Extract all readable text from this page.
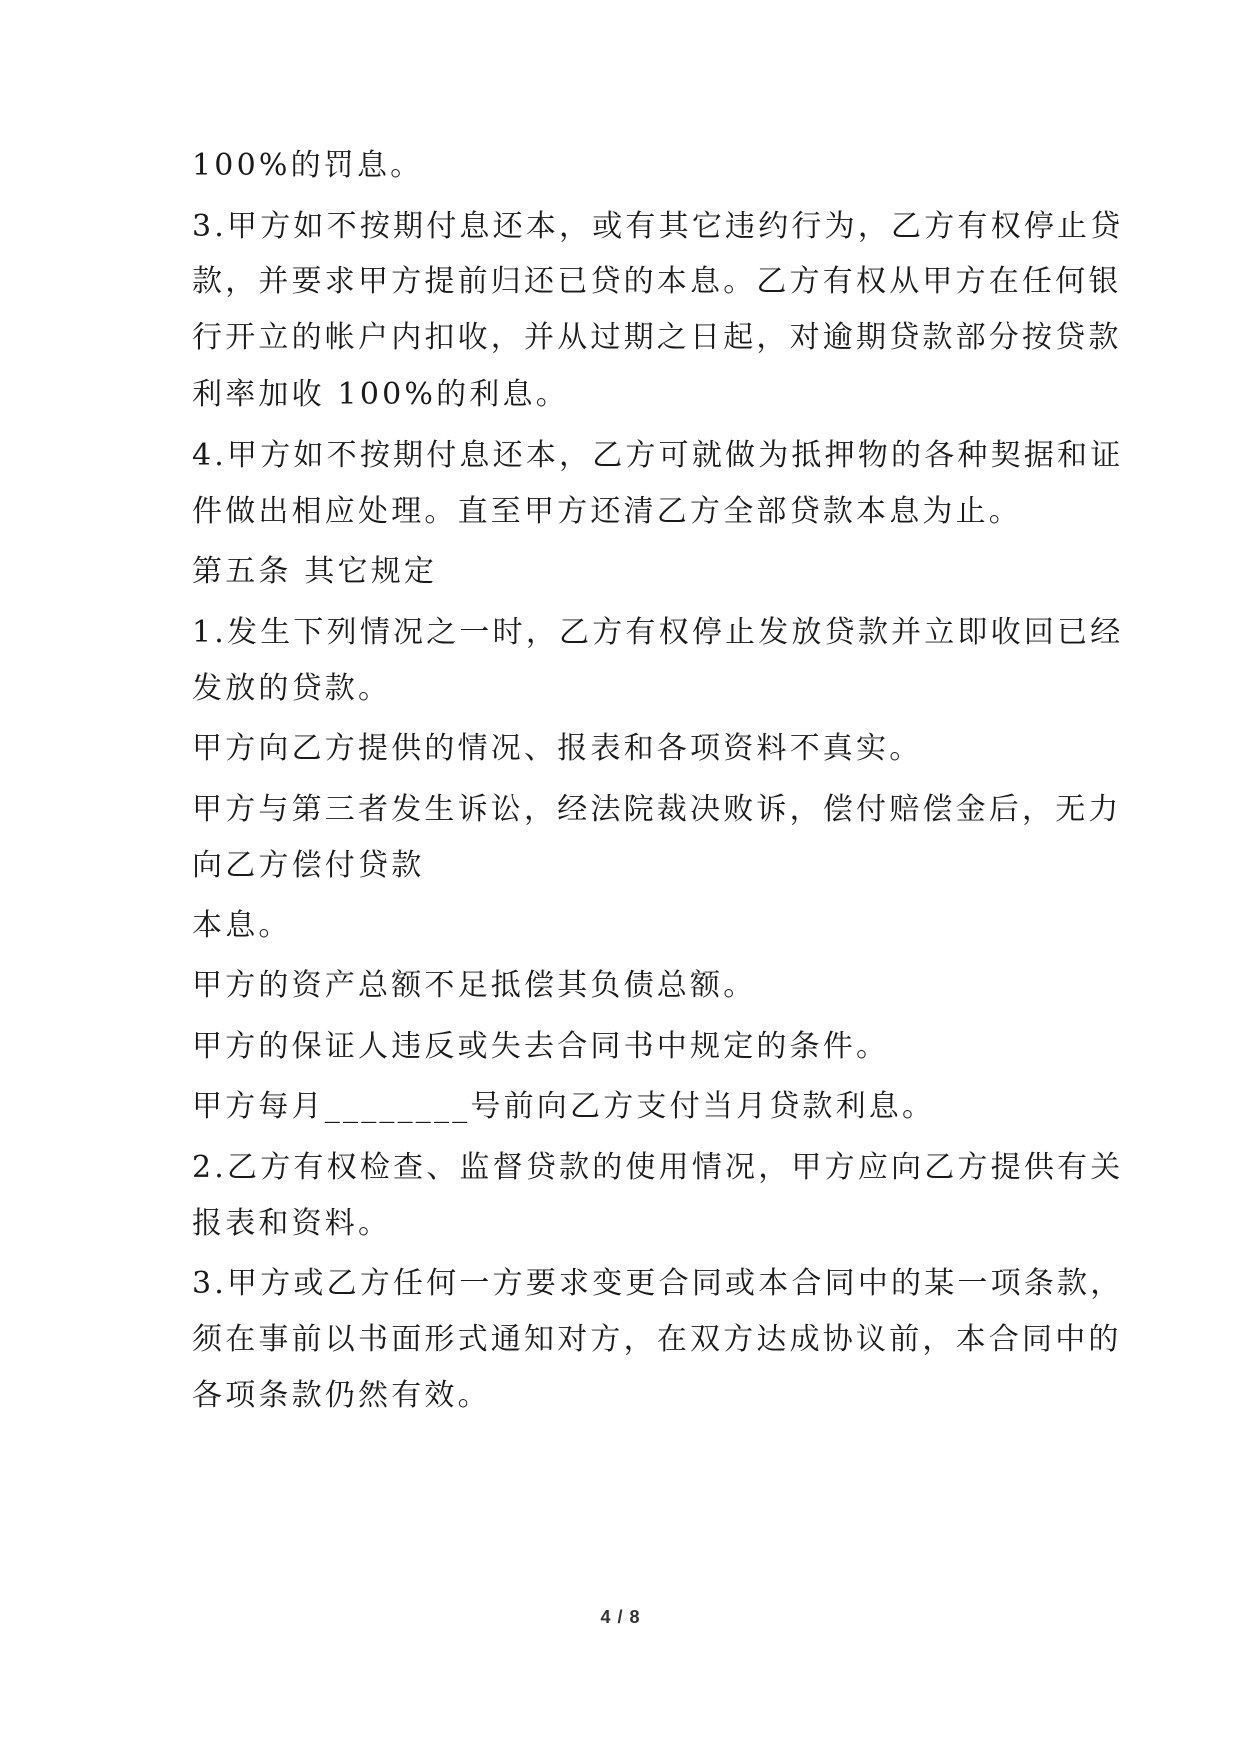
100%的罚息。
3.甲方如不按期付息还本，或有其它违约行为，乙方有权停止贷
款，并要求甲方提前归还已贷的本息。乙方有权从甲方在任何银
行开立的帐户内扣收，并从过期之日起，对逾期贷款部分按贷款
利率加收 100%的利息。
4.甲方如不按期付息还本，乙方可就做为抵押物的各种契据和证
件做出相应处理。直至甲方还清乙方全部贷款本息为止。
第五条 其它规定
1.发生下列情况之一时，乙方有权停止发放贷款并立即收回已经
发放的贷款。
甲方向乙方提供的情况、报表和各项资料不真实。
甲方与第三者发生诉讼，经法院裁决败诉，偿付赔偿金后，无力
向乙方偿付贷款
本息。
甲方的资产总额不足抵偿其负债总额。
甲方的保证人违反或失去合同书中规定的条件。
甲方每月________号前向乙方支付当月贷款利息。
2.乙方有权检查、监督贷款的使用情况，甲方应向乙方提供有关
报表和资料。
3.甲方或乙方任何一方要求变更合同或本合同中的某一项条款，
须在事前以书面形式通知对方，在双方达成协议前，本合同中的
各项条款仍然有效。
4 / 8
